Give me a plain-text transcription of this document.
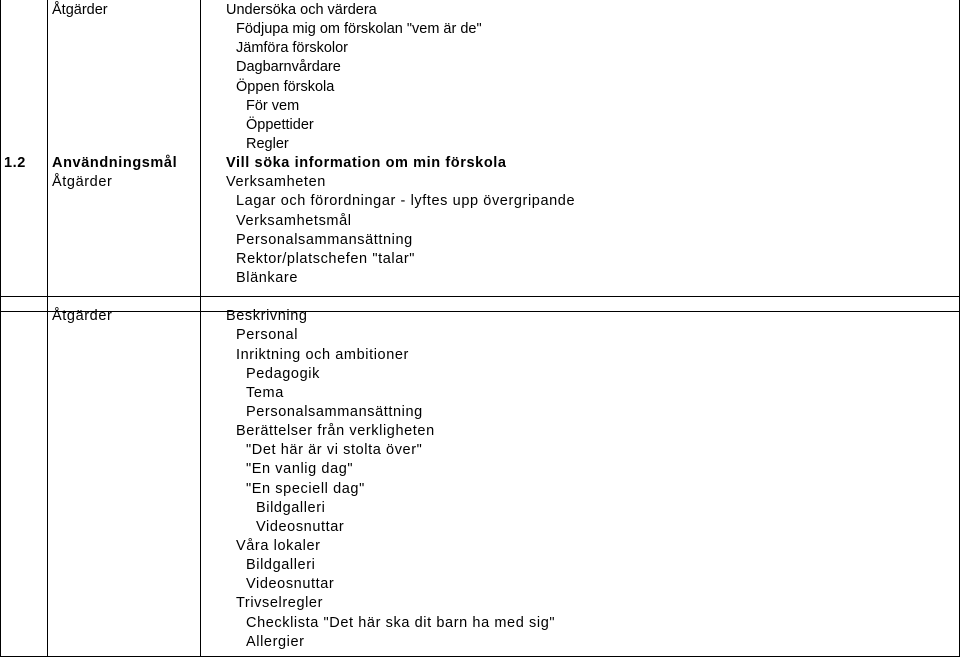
Åtgärder	Undersöka och värdera
Födjupa mig om förskolan "vem är de"
Jämföra förskolor
Dagbarnvårdare
Öppen förskola
För vem
Öppettider
Regler
1.2 Användningsmål	Vill söka information om min förskola
Åtgärder	Verksamheten
Lagar och förordningar - lyftes upp övergripande
Verksamhetsmål
Personalsammansättning
Rektor/platschefen "talar"
Blänkare
Åtgärder	Beskrivning
Personal
Inriktning och ambitioner
Pedagogik
Tema
Personalsammansättning
Berättelser från verkligheten
"Det här är vi stolta över"
"En vanlig dag"
"En speciell dag"
Bildgalleri
Videosnuttar
Våra lokaler
Bildgalleri
Videosnuttar
Trivselregler
Checklista "Det här ska dit barn ha med sig"
Allergier
